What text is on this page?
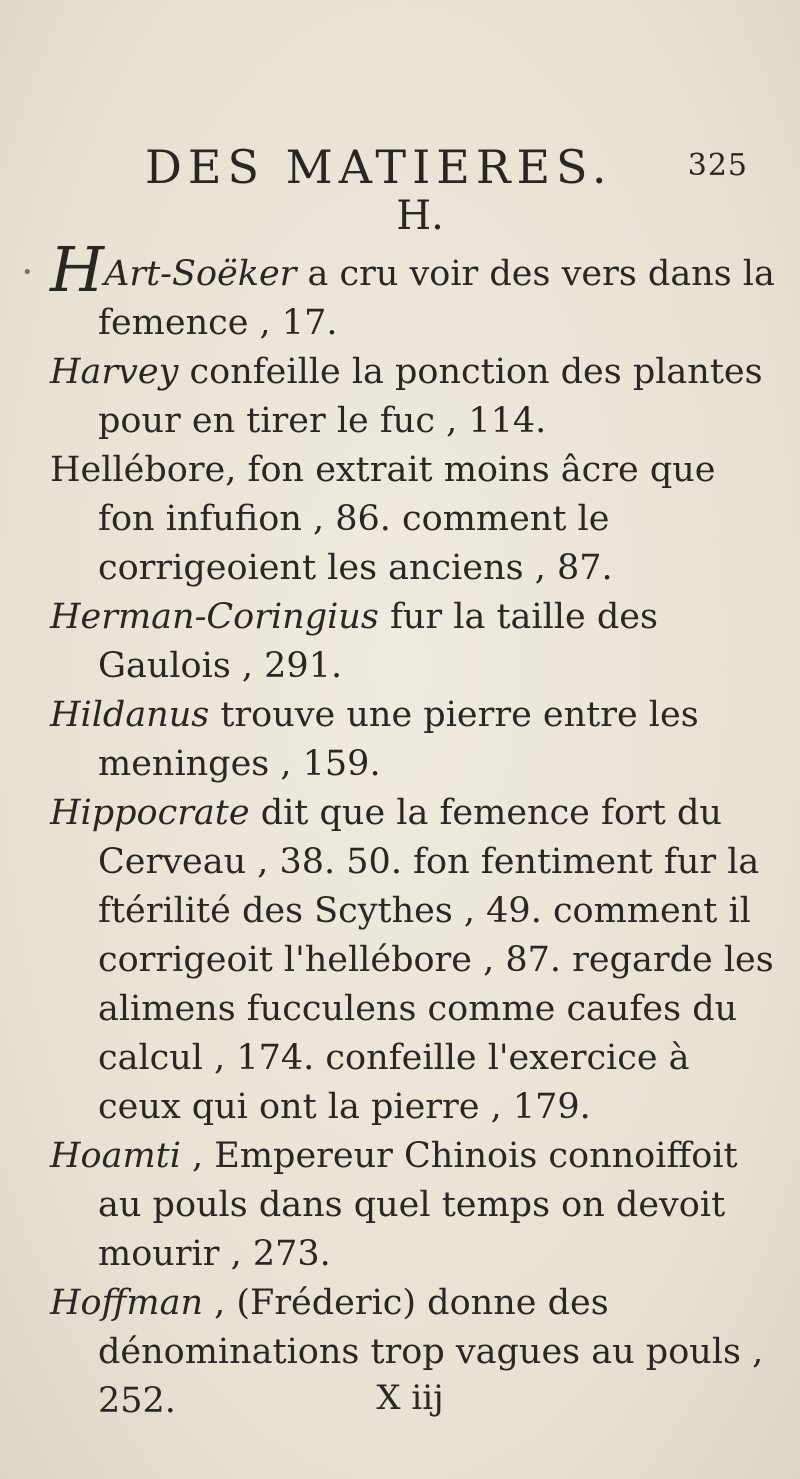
DES MATIERES.	325
H.
• HArt-Soëker a cru voir des vers dans la femence , 17.

Harvey confeille la ponction des plantes pour en tirer le fuc , 114.

Hellébore, fon extrait moins âcre que fon infufion , 86. comment le corrigeoient les anciens , 87.

Herman-Coringius fur la taille des Gaulois , 291.

Hildanus trouve une pierre entre les meninges , 159.

Hippocrate dit que la femence fort du Cerveau , 38. 50. fon fentiment fur la ftérilité des Scythes , 49. comment il corrigeoit l'hellébore , 87. regarde les alimens fucculens comme caufes du calcul , 174. confeille l'exercice à ceux qui ont la pierre , 179.

Hoamti , Empereur Chinois connoiffoit au pouls dans quel temps on devoit mourir , 273.

Hoffman , (Fréderic) donne des dénominations trop vagues au pouls , 252.	X iij
